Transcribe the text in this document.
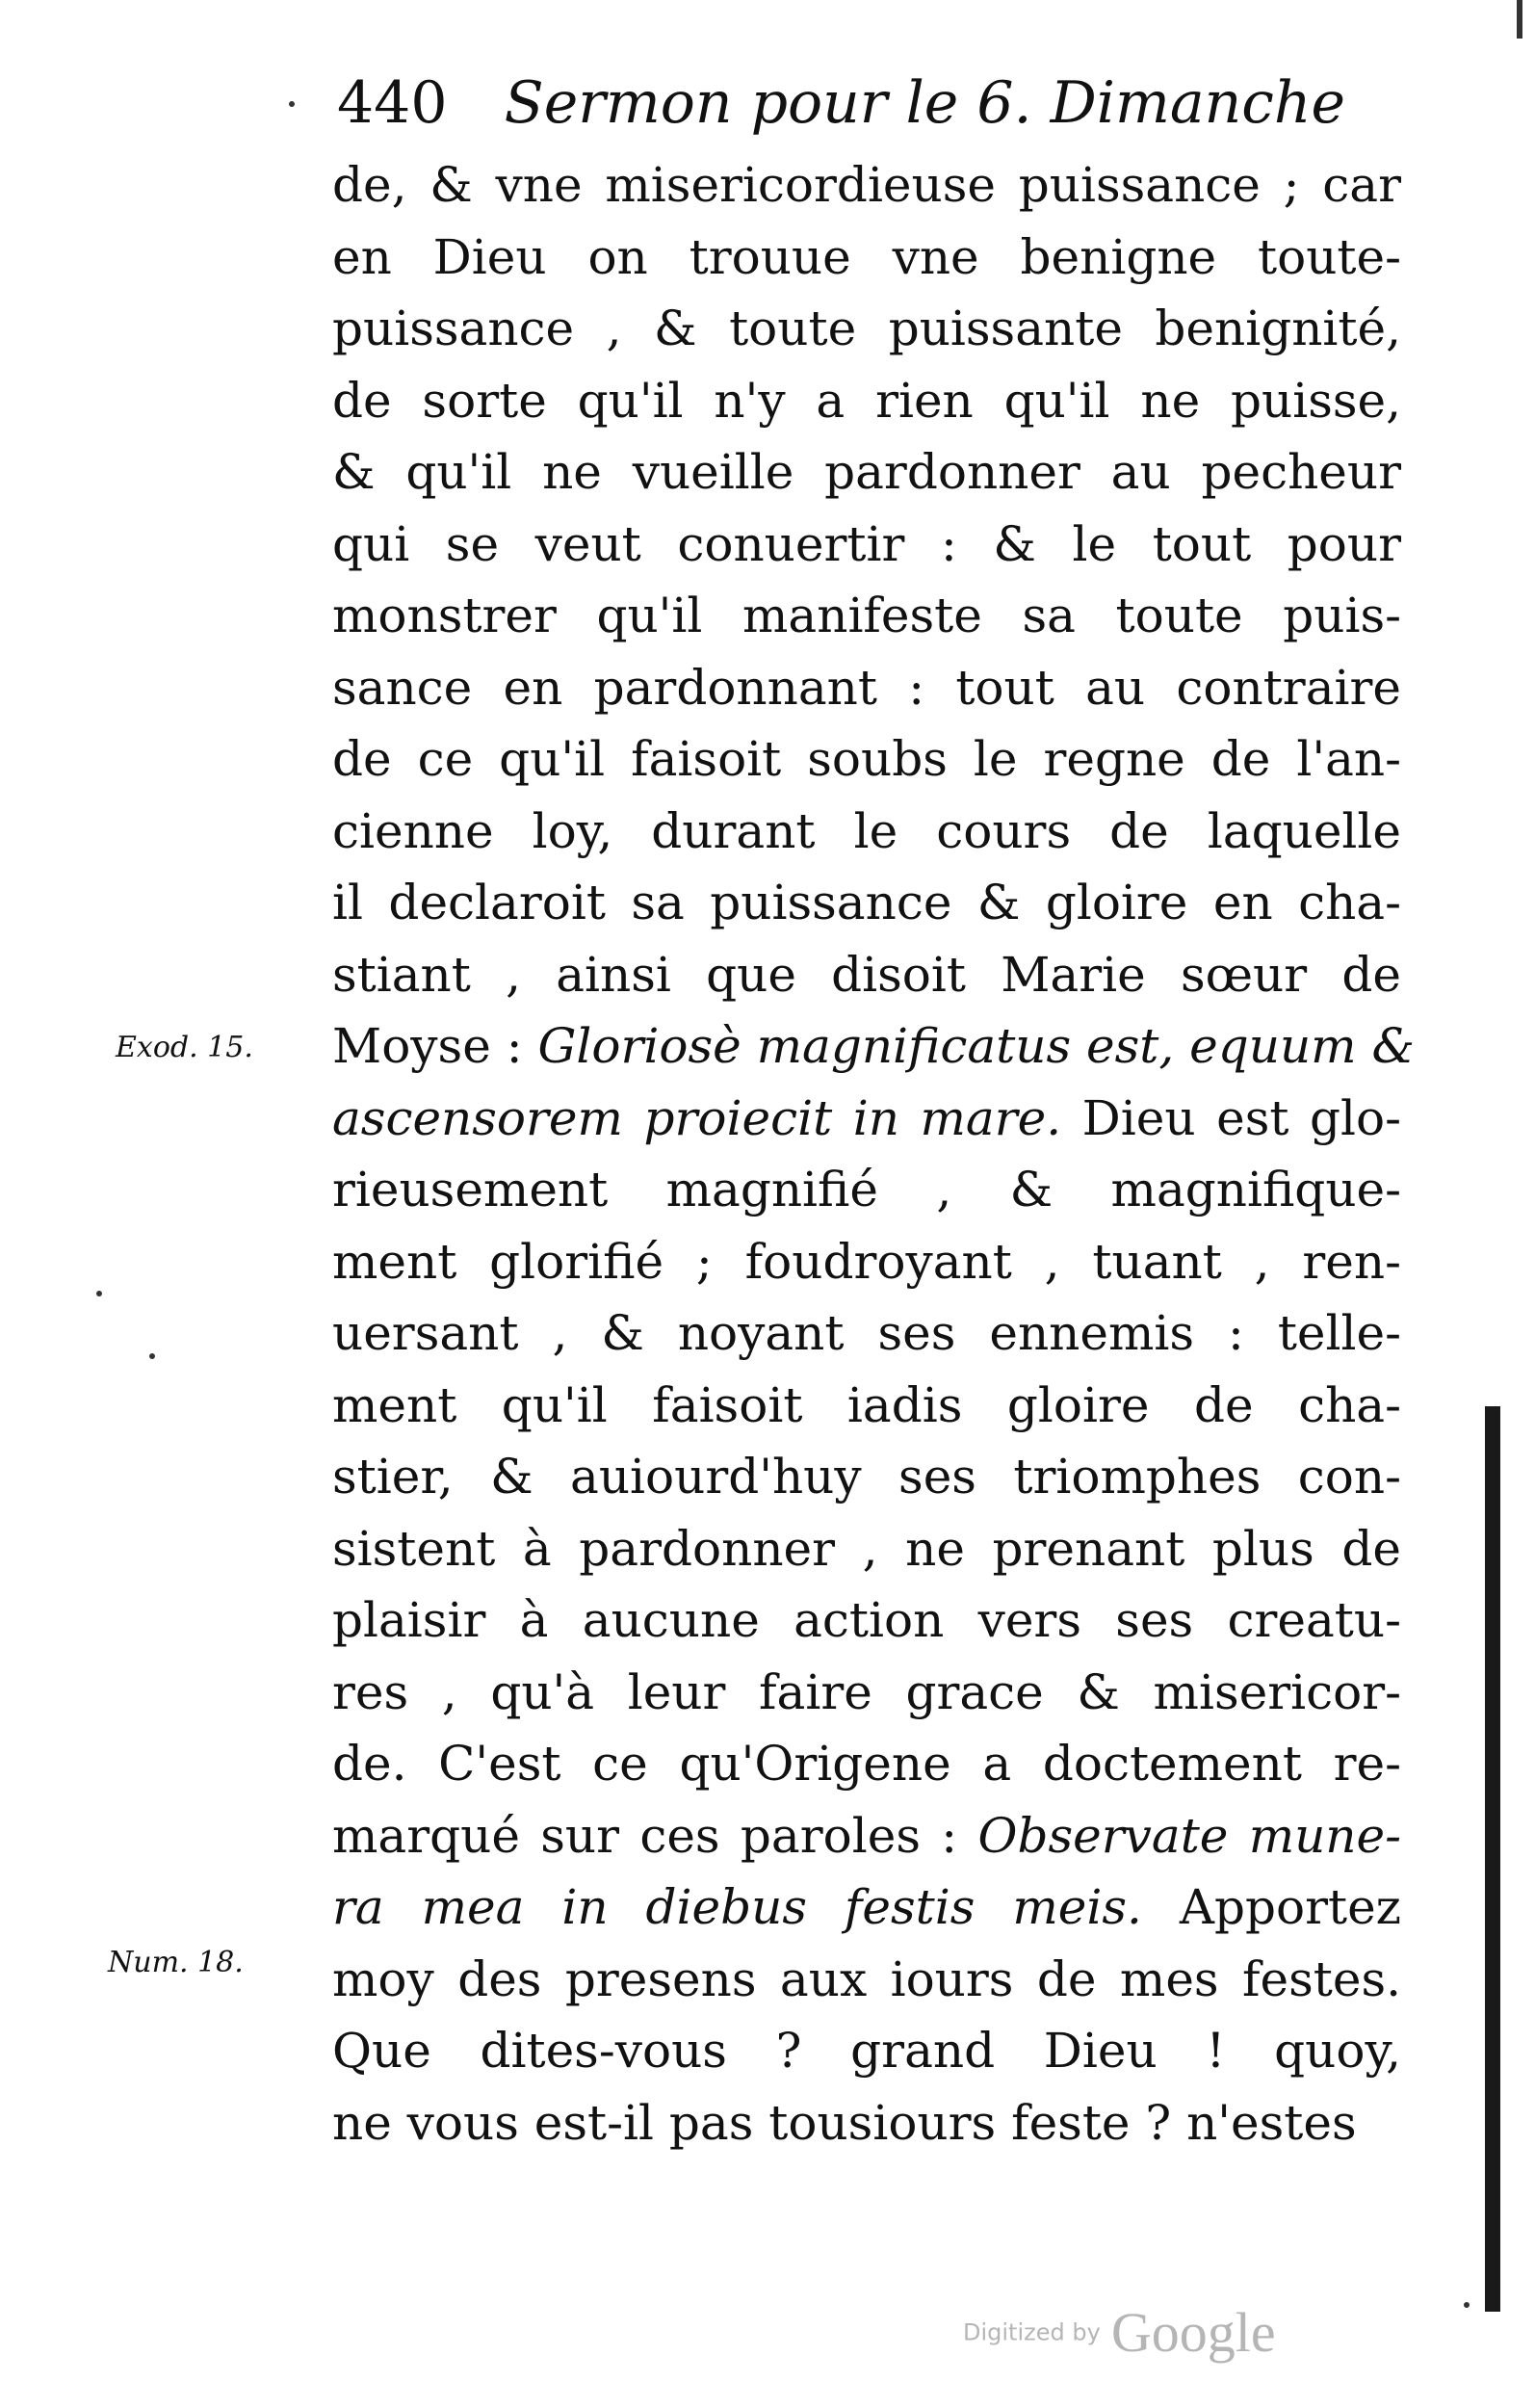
440 Sermon pour le 6. Dimanche
de, & vne misericordieuse puissance ; car
en Dieu on trouue vne benigne toute-
puissance , & toute puissante benignité,
de sorte qu'il n'y a rien qu'il ne puisse,
& qu'il ne vueille pardonner au pecheur
qui se veut conuertir : & le tout pour
monstrer qu'il manifeste sa toute puis-
sance en pardonnant : tout au contraire
de ce qu'il faisoit soubs le regne de l'an-
cienne loy, durant le cours de laquelle
il declaroit sa puissance & gloire en cha-
stiant , ainsi que disoit Marie sœur de
Moyse : Gloriosè magnificatus est, equum &
ascensorem proiecit in mare. Dieu est glo-
rieusement magnifié , & magnifique-
ment glorifié ; foudroyant , tuant , ren-
uersant , & noyant ses ennemis : telle-
ment qu'il faisoit iadis gloire de cha-
stier, & auiourd'huy ses triomphes con-
sistent à pardonner , ne prenant plus de
plaisir à aucune action vers ses creatu-
res , qu'à leur faire grace & misericor-
de. C'est ce qu'Origene a doctement re-
marqué sur ces paroles : Observate mune-
ra mea in diebus festis meis. Apportez
moy des presens aux iours de mes festes.
Que dites-vous ? grand Dieu ! quoy,
ne vous est-il pas tousiours feste ? n'estes
Exod. 15.
Num. 18.
Digitized by Google
